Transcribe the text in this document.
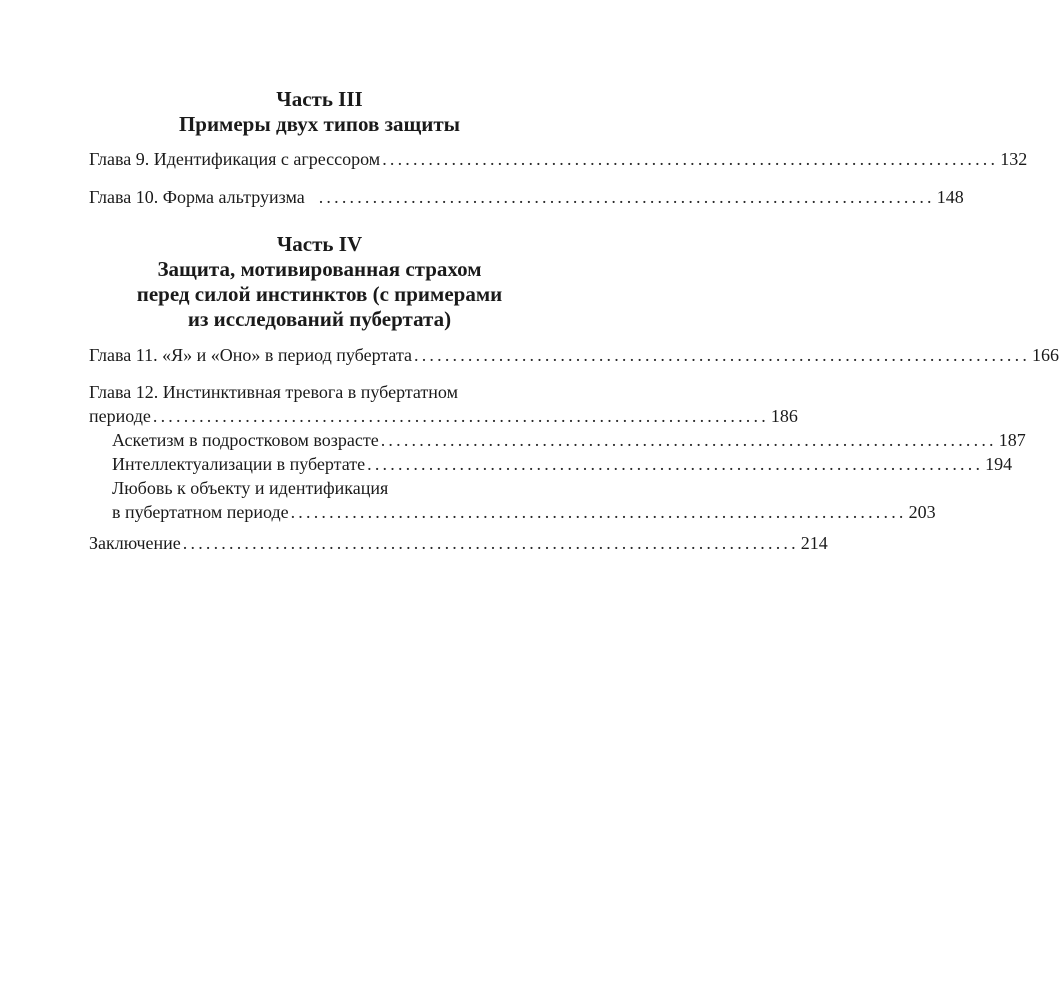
Часть III
Примеры двух типов защиты
Глава 9. Идентификация с агрессором ................................................................................ 132
Глава 10. Форма альтруизма ................................................................................ 148
Часть IV
Защита, мотивированная страхом
перед силой инстинктов (с примерами
из исследований пубертата)
Глава 11. «Я» и «Оно» в период пубертата ................................................................................ 166
Глава 12. Инстинктивная тревога в пубертатном
периоде ................................................................................ 186
Аскетизм в подростковом возрасте ................................................................................ 187
Интеллектуализации в пубертате ................................................................................ 194
Любовь к объекту и идентификация
в пубертатном периоде ................................................................................ 203
Заключение ................................................................................ 214
